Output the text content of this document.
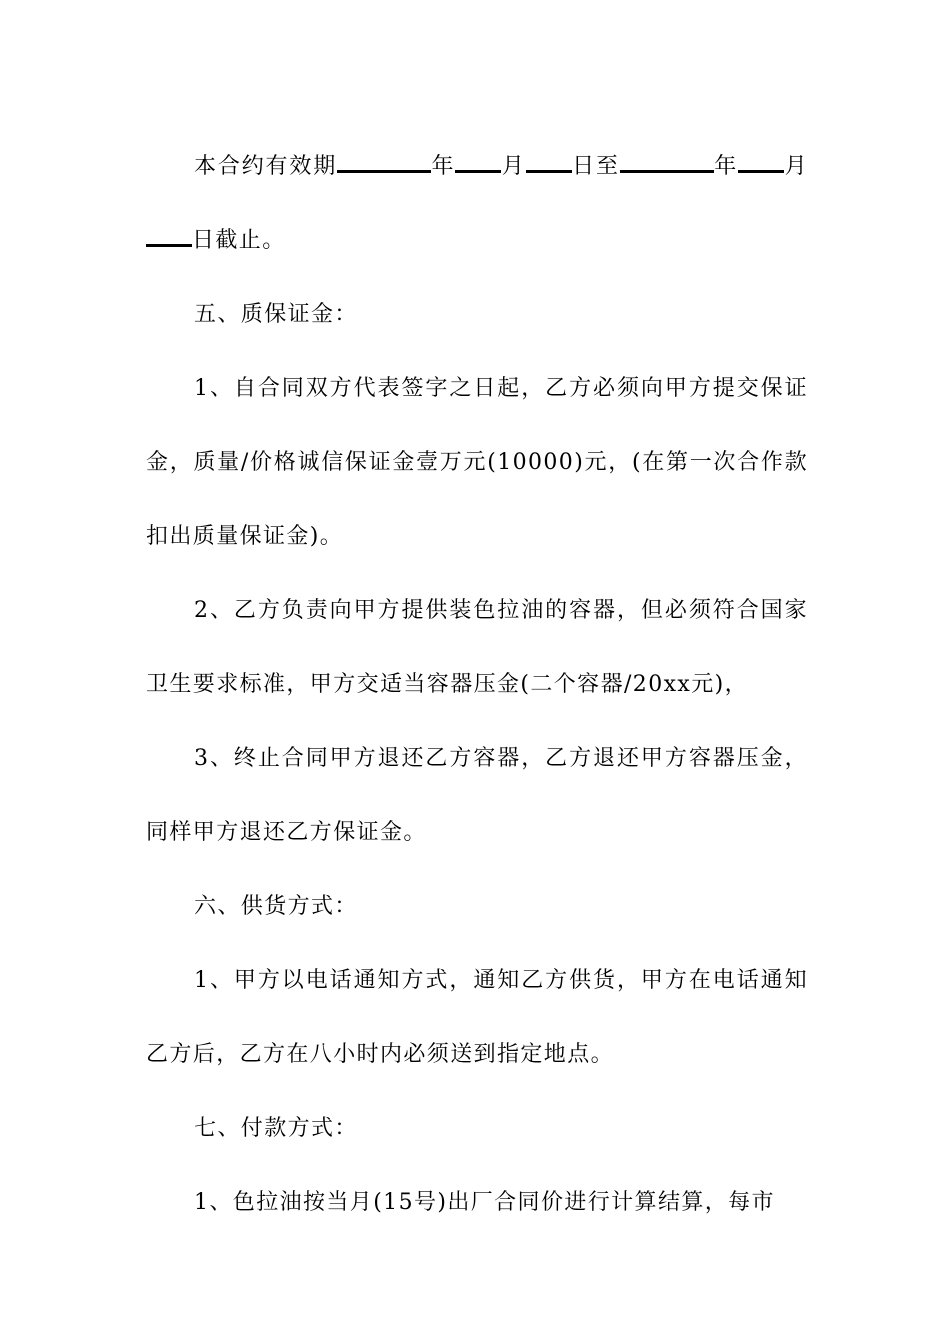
本合约有效期	年 月 日至	年 月日截止。

五、质保证金：

1、自合同双方代表签字之日起，乙方必须向甲方提交保证金，质量/价格诚信保证金壹万元(10000)元，(在第一次合作款扣出质量保证金)。

2、乙方负责向甲方提供装色拉油的容器，但必须符合国家卫生要求标准，甲方交适当容器压金(二个容器/20xx元)，

3、终止合同甲方退还乙方容器，乙方退还甲方容器压金，同样甲方退还乙方保证金。

六、供货方式：

1、甲方以电话通知方式，通知乙方供货，甲方在电话通知乙方后，乙方在八小时内必须送到指定地点。

七、付款方式：

1、色拉油按当月(15号)出厂合同价进行计算结算，每市
